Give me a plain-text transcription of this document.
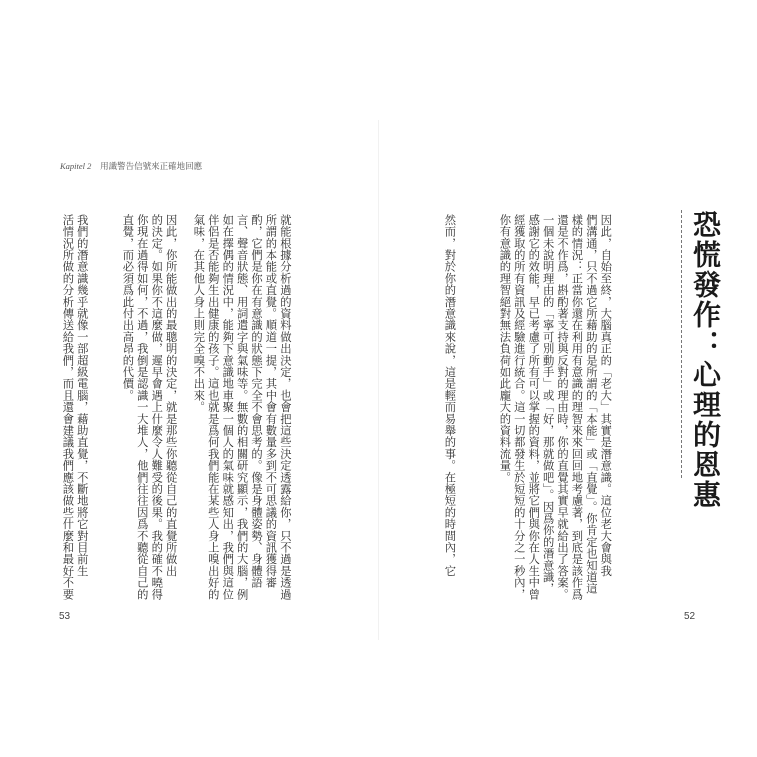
Kapitel 2 用識警告信號來正確地回應
就能根據分析過的資料做出決定，也會把這些決定透露給你，只不過是透過
所謂的本能或直覺。順道一提，其中會有數量多到不可思議的資訊獲得審
酌，它們是你在有意識的狀態下完全不會思考的。像是身體姿勢、身體語
言、聲音狀態、用詞遣字與氣味等。無數的相關研究顯示，我們的大腦，例
如在擇偶的情況中，能夠下意識地車聚一個人的氣味就感知出，我們與這位
伴侶是否能夠生出健康的孩子。這也就是爲何我們能在某些人身上嗅出好的
氣味，在其他人身上則完全嗅不出來。
因此，你所能做出的最聰明的決定，就是那些你聽從自己的直覺所做出
的決定。如果你不這麼做，遲早會遇上什麼令人難受的後果。我的確不曉得
你現在過得如何，不過，我倒是認識一大堆人，他們往往因爲不聽從自己的
直覺，而必須爲此付出高昂的代價。
我們的潛意識幾乎就像一部超級電腦，藉助直覺，不斷地將它對目前生
活情況所做的分析傳送給我們，而且還會建議我們應該做些什麼和最好不要
53
恐慌發作：心理的恩惠
因此，自始至終，大腦真正的「老大」其實是潛意識。這位老大會與我
們溝通，只不過它所藉助的是所謂的「本能」或「直覺」。你肯定也知道這
樣的情況：正當你還在利用有意識的理智來來回回地考慮著，到底是該作爲
還是不作爲，斟酌著支持與反對的理由時，你的直覺其實早就給出了答案。
一個未說明理由的「寧可別動手」或「好，那就做吧」。因爲你的潛意識，
感謝它的效能，早已考慮了所有可以掌握的資料，並將它們與你在人生中曾
經獲取的所有資訊及經驗進行統合。這一切都發生於短短的十分之一秒內，
你有意識的理智絕對無法負荷如此龐大的資料流量。
然而，對於你的潛意識來說，這是輕而易舉的事。在極短的時間內，它
52
